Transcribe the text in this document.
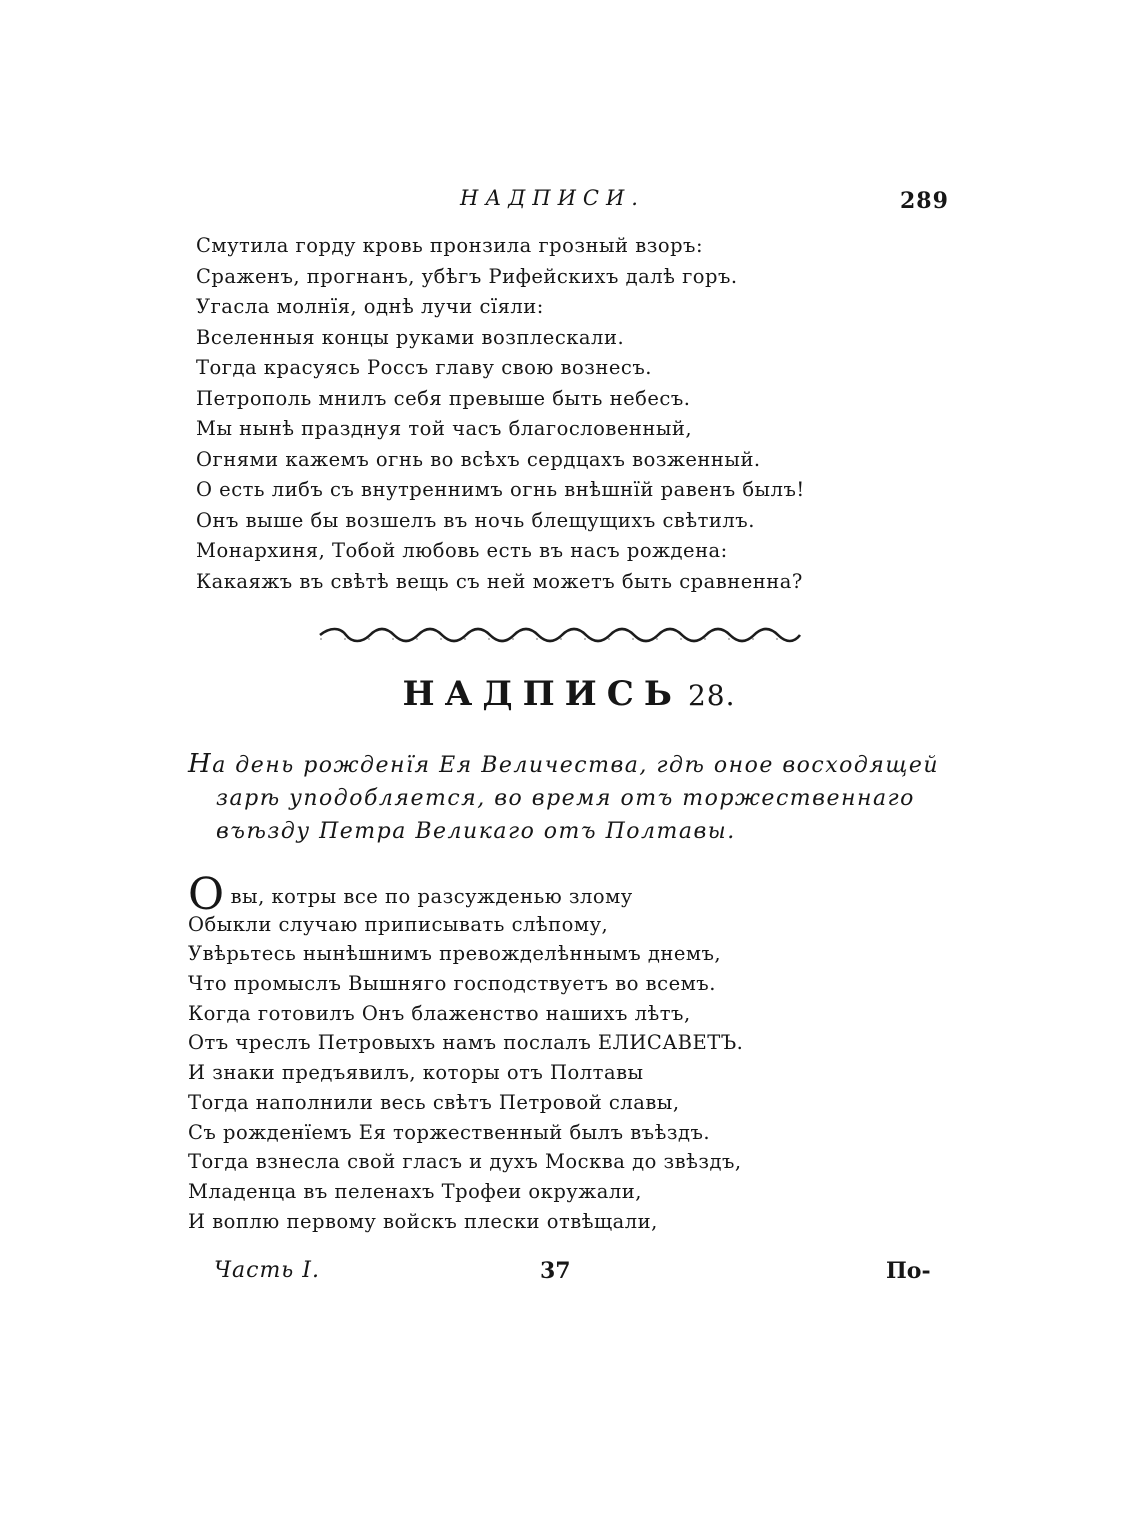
НАДПИСИ.	289
Смутила горду кровь пронзила грозный взоръ:
Сраженъ, прогнанъ, убѣгъ Рифейскихъ далѣ горъ.
Угасла молнїя, однѣ лучи сїяли:
Вселенныя концы руками возплескали.
Тогда красуясь Россъ главу свою вознесъ.
Петрополь мнилъ себя превыше быть небесъ.
Мы нынѣ празднуя той часъ благословенный,
Огнями кажемъ огнь во всѣхъ сердцахъ возженный.
О есть либъ съ внутреннимъ огнь внѣшнїй равенъ былъ!
Онъ выше бы возшелъ въ ночь блещущихъ свѣтилъ.
Монархиня, Тобой любовь есть въ насъ рождена:
Какаяжъ въ свѣтѣ вещь съ ней можетъ быть сравненна?
НАДПИСЬ 28.
На день рожденїя Ея Величества, гдѣ оное восходящей
зарѣ уподобляется, во время отъ торжественнаго
въѣзду Петра Великаго отъ Полтавы.
Овы, котры все по разсужденью злому
Обыкли случаю приписывать слѣпому,
Увѣрьтесь нынѣшнимъ превожделѣннымъ днемъ,
Что промыслъ Вышняго господствуетъ во всемъ.
Когда готовилъ Онъ блаженство нашихъ лѣтъ,
Отъ чреслъ Петровыхъ намъ послалъ ЕЛИСАВЕТЪ.
И знаки предъявилъ, которы отъ Полтавы
Тогда наполнили весь свѣтъ Петровой славы,
Съ рожденїемъ Ея торжественный былъ въѣздъ.
Тогда взнесла свой гласъ и духъ Москва до звѣздъ,
Младенца въ пеленахъ Трофеи окружали,
И воплю первому войскъ плески отвѣщали,
Часть I.	37	По-
